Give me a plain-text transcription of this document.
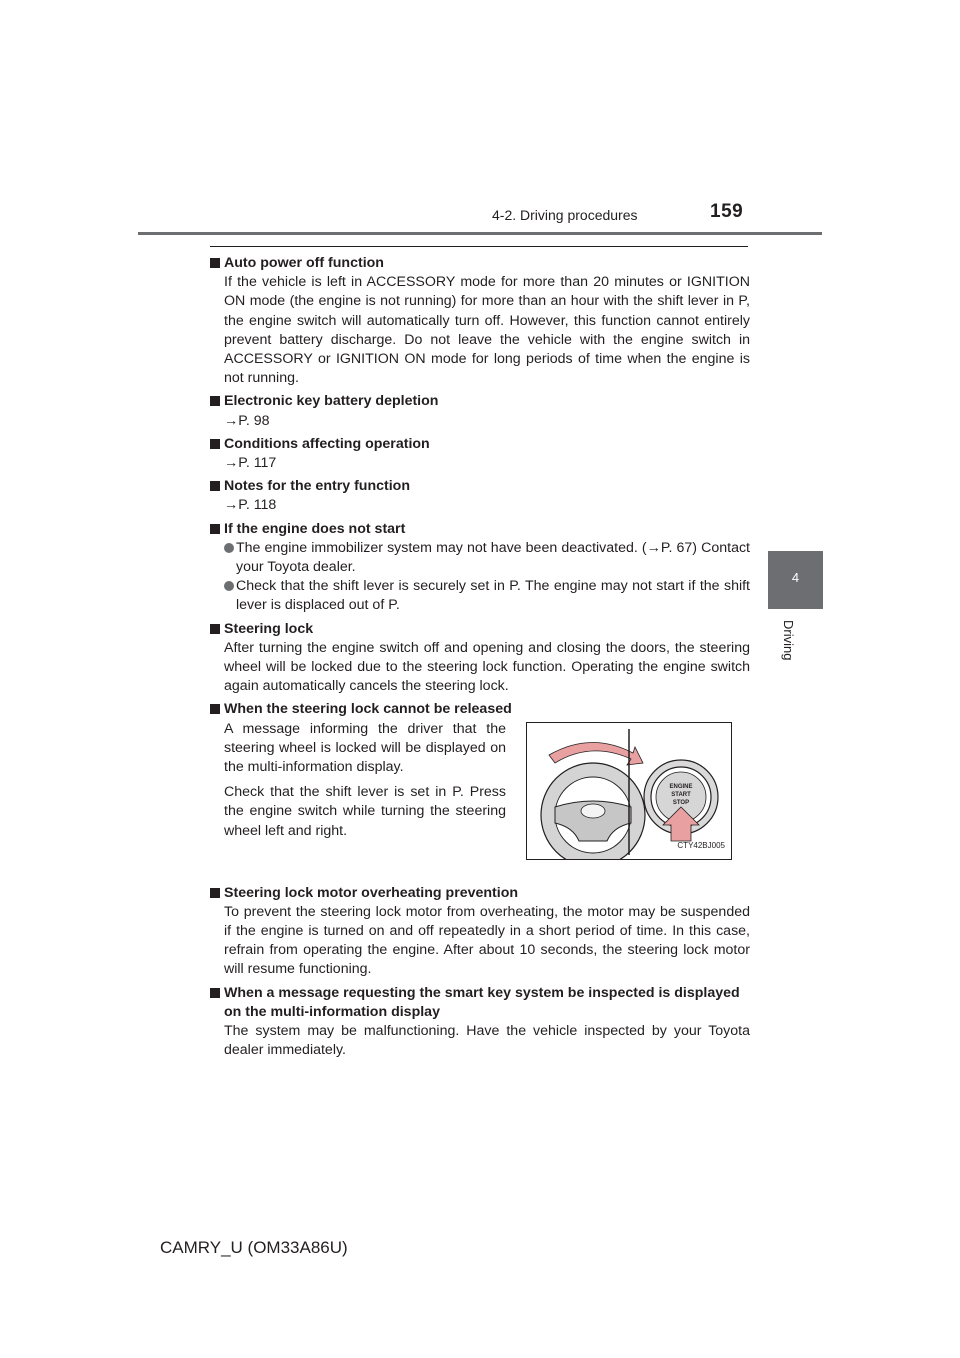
4-2. Driving procedures	159
4
Driving
Auto power off function
If the vehicle is left in ACCESSORY mode for more than 20 minutes or IGNITION ON mode (the engine is not running) for more than an hour with the shift lever in P, the engine switch will automatically turn off. However, this function cannot entirely prevent battery discharge. Do not leave the vehicle with the engine switch in ACCESSORY or IGNITION ON mode for long periods of time when the engine is not running.
Electronic key battery depletion
→P. 98
Conditions affecting operation
→P. 117
Notes for the entry function
→P. 118
If the engine does not start
The engine immobilizer system may not have been deactivated. (→P. 67) Contact your Toyota dealer.
Check that the shift lever is securely set in P. The engine may not start if the shift lever is displaced out of P.
Steering lock
After turning the engine switch off and opening and closing the doors, the steering wheel will be locked due to the steering lock function. Operating the engine switch again automatically cancels the steering lock.
When the steering lock cannot be released

A message informing the driver that the steering wheel is locked will be displayed on the multi-information display.

Check that the shift lever is set in P. Press the engine switch while turning the steering wheel left and right.

ENGINE
START
STOP
CTY42BJ005
Steering lock motor overheating prevention
To prevent the steering lock motor from overheating, the motor may be suspended if the engine is turned on and off repeatedly in a short period of time. In this case, refrain from operating the engine. After about 10 seconds, the steering lock motor will resume functioning.
When a message requesting the smart key system be inspected is displayed on the multi-information display
The system may be malfunctioning. Have the vehicle inspected by your Toyota dealer immediately.
CAMRY_U (OM33A86U)
